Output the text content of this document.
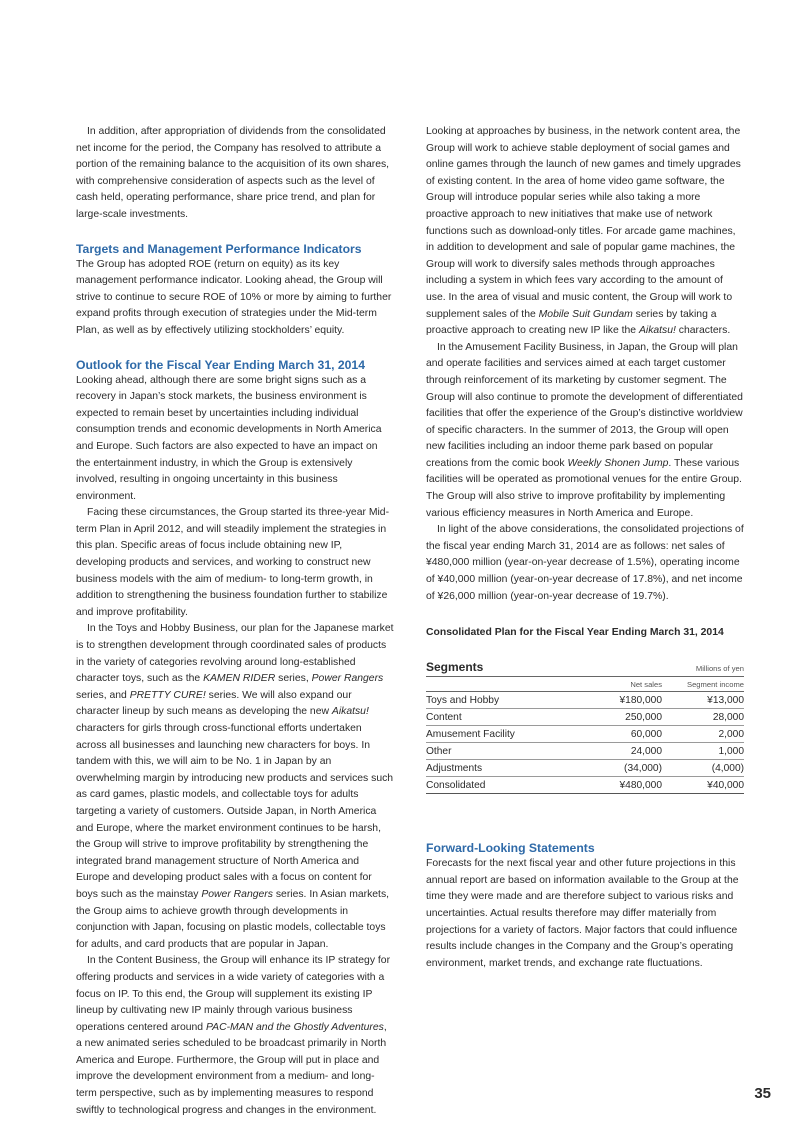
In addition, after appropriation of dividends from the consolidated net income for the period, the Company has resolved to attribute a portion of the remaining balance to the acquisition of its own shares, with comprehensive consideration of aspects such as the level of cash held, operating performance, share price trend, and plan for large-scale investments.

Targets and Management Performance Indicators

The Group has adopted ROE (return on equity) as its key management performance indicator. Looking ahead, the Group will strive to continue to secure ROE of 10% or more by aiming to further expand profits through execution of strategies under the Mid-term Plan, as well as by effectively utilizing stockholders’ equity.

Outlook for the Fiscal Year Ending March 31, 2014

Looking ahead, although there are some bright signs such as a recovery in Japan’s stock markets, the business environment is expected to remain beset by uncertainties including individual consumption trends and economic developments in North America and Europe. Such factors are also expected to have an impact on the entertainment industry, in which the Group is extensively involved, resulting in ongoing uncertainty in this business environment.

Facing these circumstances, the Group started its three-year Mid-term Plan in April 2012, and will steadily implement the strategies in this plan. Specific areas of focus include obtaining new IP, developing products and services, and working to construct new business models with the aim of medium- to long-term growth, in addition to strengthening the business foundation further to stabilize and improve profitability.

In the Toys and Hobby Business, our plan for the Japanese market is to strengthen development through coordinated sales of products in the variety of categories revolving around long-established character toys, such as the KAMEN RIDER series, Power Rangers series, and PRETTY CURE! series. We will also expand our character lineup by such means as developing the new Aikatsu! characters for girls through cross-functional efforts undertaken across all businesses and launching new characters for boys. In tandem with this, we will aim to be No. 1 in Japan by an overwhelming margin by introducing new products and services such as card games, plastic models, and collectable toys for adults targeting a variety of customers. Outside Japan, in North America and Europe, where the market environment continues to be harsh, the Group will strive to improve profitability by strengthening the integrated brand management structure of North America and Europe and developing product sales with a focus on content for boys such as the mainstay Power Rangers series. In Asian markets, the Group aims to achieve growth through developments in conjunction with Japan, focusing on plastic models, collectable toys for adults, and card products that are popular in Japan.

In the Content Business, the Group will enhance its IP strategy for offering products and services in a wide variety of categories with a focus on IP. To this end, the Group will supplement its existing IP lineup by cultivating new IP mainly through various business operations centered around PAC-MAN and the Ghostly Adventures, a new animated series scheduled to be broadcast primarily in North America and Europe. Furthermore, the Group will put in place and improve the development environment from a medium- and long-term perspective, such as by implementing measures to respond swiftly to technological progress and changes in the environment.

Looking at approaches by business, in the network content area, the Group will work to achieve stable deployment of social games and online games through the launch of new games and timely upgrades of existing content. In the area of home video game software, the Group will introduce popular series while also taking a more proactive approach to new initiatives that make use of network functions such as download-only titles. For arcade game machines, in addition to development and sale of popular game machines, the Group will work to diversify sales methods through approaches including a system in which fees vary according to the amount of use. In the area of visual and music content, the Group will work to supplement sales of the Mobile Suit Gundam series by taking a proactive approach to creating new IP like the Aikatsu! characters.

In the Amusement Facility Business, in Japan, the Group will plan and operate facilities and services aimed at each target customer through reinforcement of its marketing by customer segment. The Group will also continue to promote the development of differentiated facilities that offer the experience of the Group’s distinctive worldview of specific characters. In the summer of 2013, the Group will open new facilities including an indoor theme park based on popular creations from the comic book Weekly Shonen Jump. These various facilities will be operated as promotional venues for the entire Group. The Group will also strive to improve profitability by implementing various efficiency measures in North America and Europe.

In light of the above considerations, the consolidated projections of the fiscal year ending March 31, 2014 are as follows: net sales of ¥480,000 million (year-on-year decrease of 1.5%), operating income of ¥40,000 million (year-on-year decrease of 17.8%), and net income of ¥26,000 million (year-on-year decrease of 19.7%).

Consolidated Plan for the Fiscal Year Ending March 31, 2014
Segments		Millions of yen
	Net sales	Segment income
Toys and Hobby	¥180,000	¥13,000
Content	250,000	28,000
Amusement Facility	60,000	2,000
Other	24,000	1,000
Adjustments	(34,000)	(4,000)
Consolidated	¥480,000	¥40,000
Forward-Looking Statements

Forecasts for the next fiscal year and other future projections in this annual report are based on information available to the Group at the time they were made and are therefore subject to various risks and uncertainties. Actual results therefore may differ materially from projections for a variety of factors. Major factors that could influence results include changes in the Company and the Group’s operating environment, market trends, and exchange rate fluctuations.

35
